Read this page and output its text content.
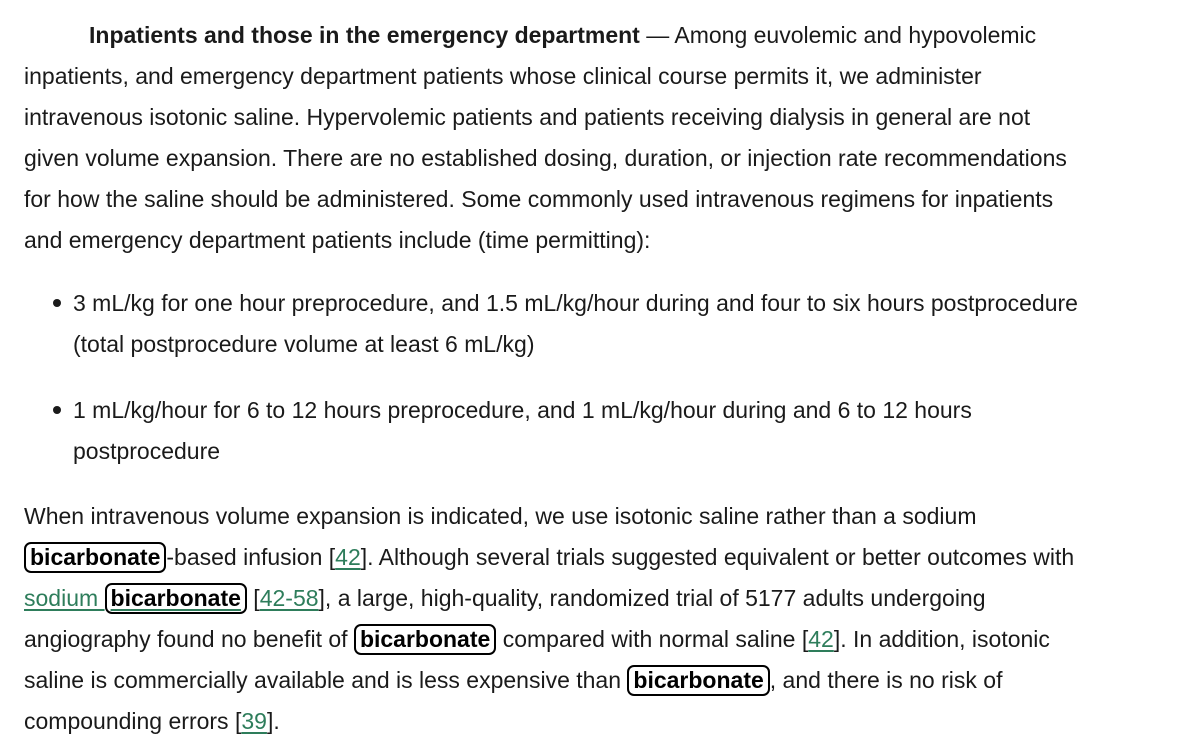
Inpatients and those in the emergency department — Among euvolemic and hypovolemic
inpatients, and emergency department patients whose clinical course permits it, we administer
intravenous isotonic saline. Hypervolemic patients and patients receiving dialysis in general are not
given volume expansion. There are no established dosing, duration, or injection rate recommendations
for how the saline should be administered. Some commonly used intravenous regimens for inpatients
and emergency department patients include (time permitting):
3 mL/kg for one hour preprocedure, and 1.5 mL/kg/hour during and four to six hours postprocedure
(total postprocedure volume at least 6 mL/kg)
1 mL/kg/hour for 6 to 12 hours preprocedure, and 1 mL/kg/hour during and 6 to 12 hours
postprocedure
When intravenous volume expansion is indicated, we use isotonic saline rather than a sodium
bicarbonate -based infusion [42]. Although several trials suggested equivalent or better outcomes with
sodium bicarbonate [42-58], a large, high-quality, randomized trial of 5177 adults undergoing
angiography found no benefit of bicarbonate compared with normal saline [42]. In addition, isotonic
saline is commercially available and is less expensive than bicarbonate , and there is no risk of
compounding errors [39].
